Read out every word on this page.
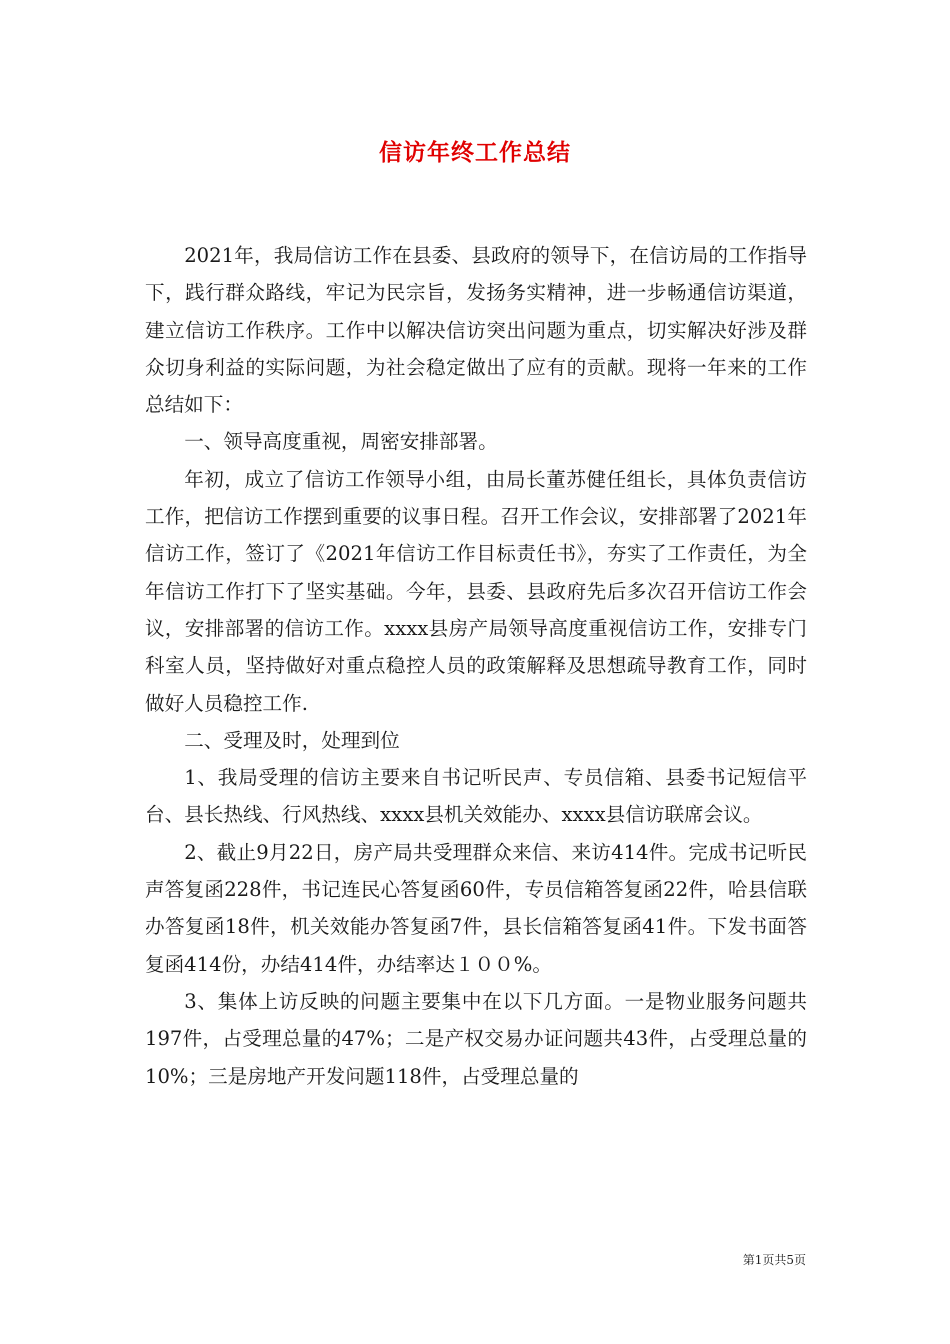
信访年终工作总结

2021年，我局信访工作在县委、县政府的领导下，在信访局的工作指导下，践行群众路线，牢记为民宗旨，发扬务实精神，进一步畅通信访渠道，建立信访工作秩序。工作中以解决信访突出问题为重点，切实解决好涉及群众切身利益的实际问题，为社会稳定做出了应有的贡献。现将一年来的工作总结如下：

一、领导高度重视，周密安排部署。

年初，成立了信访工作领导小组，由局长董苏健任组长，具体负责信访工作，把信访工作摆到重要的议事日程。召开工作会议，安排部署了2021年信访工作，签订了《2021年信访工作目标责任书》，夯实了工作责任，为全年信访工作打下了坚实基础。今年，县委、县政府先后多次召开信访工作会议，安排部署的信访工作。xxxx县房产局领导高度重视信访工作，安排专门科室人员，坚持做好对重点稳控人员的政策解释及思想疏导教育工作，同时做好人员稳控工作.

二、受理及时，处理到位

1、我局受理的信访主要来自书记听民声、专员信箱、县委书记短信平台、县长热线、行风热线、xxxx县机关效能办、xxxx县信访联席会议。

2、截止9月22日，房产局共受理群众来信、来访414件。完成书记听民声答复函228件，书记连民心答复函60件，专员信箱答复函22件，哈县信联办答复函18件，机关效能办答复函7件，县长信箱答复函41件。下发书面答复函414份，办结414件，办结率达１００%。

3、集体上访反映的问题主要集中在以下几方面。一是物业服务问题共197件，占受理总量的47%；二是产权交易办证问题共43件，占受理总量的10%；三是房地产开发问题118件，占受理总量的

第1页共5页
